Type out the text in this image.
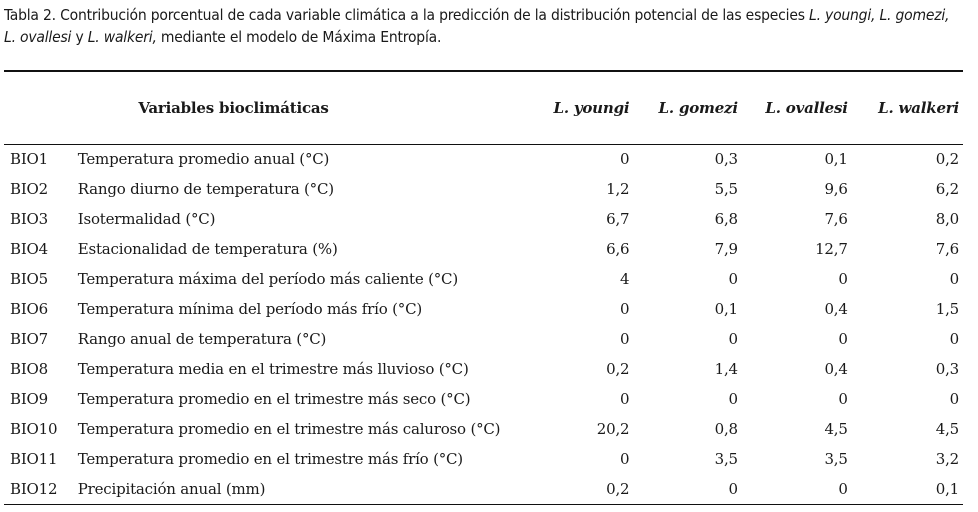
Tabla 2. Contribución porcentual de cada variable climática a la predicción de la distribución potencial de las especies L. youngi, L. gomezi,
L. ovallesi y L. walkeri, mediante el modelo de Máxima Entropía.
Variables bioclimáticas		L. youngi	L. gomezi	L. ovallesi	L. walkeri
BIO1	Temperatura promedio anual (°C)	0	0,3	0,1	0,2
BIO2	Rango diurno de temperatura (°C)	1,2	5,5	9,6	6,2
BIO3	Isotermalidad (°C)	6,7	6,8	7,6	8,0
BIO4	Estacionalidad de temperatura (%)	6,6	7,9	12,7	7,6
BIO5	Temperatura máxima del período más caliente (°C)	4	0	0	0
BIO6	Temperatura mínima del período más frío (°C)	0	0,1	0,4	1,5
BIO7	Rango anual de temperatura (°C)	0	0	0	0
BIO8	Temperatura media en el trimestre más lluvioso (°C)	0,2	1,4	0,4	0,3
BIO9	Temperatura promedio en el trimestre más seco (°C)	0	0	0	0
BIO10	Temperatura promedio en el trimestre más caluroso (°C)	20,2	0,8	4,5	4,5
BIO11	Temperatura promedio en el trimestre más frío (°C)	0	3,5	3,5	3,2
BIO12	Precipitación anual (mm)	0,2	0	0	0,1
